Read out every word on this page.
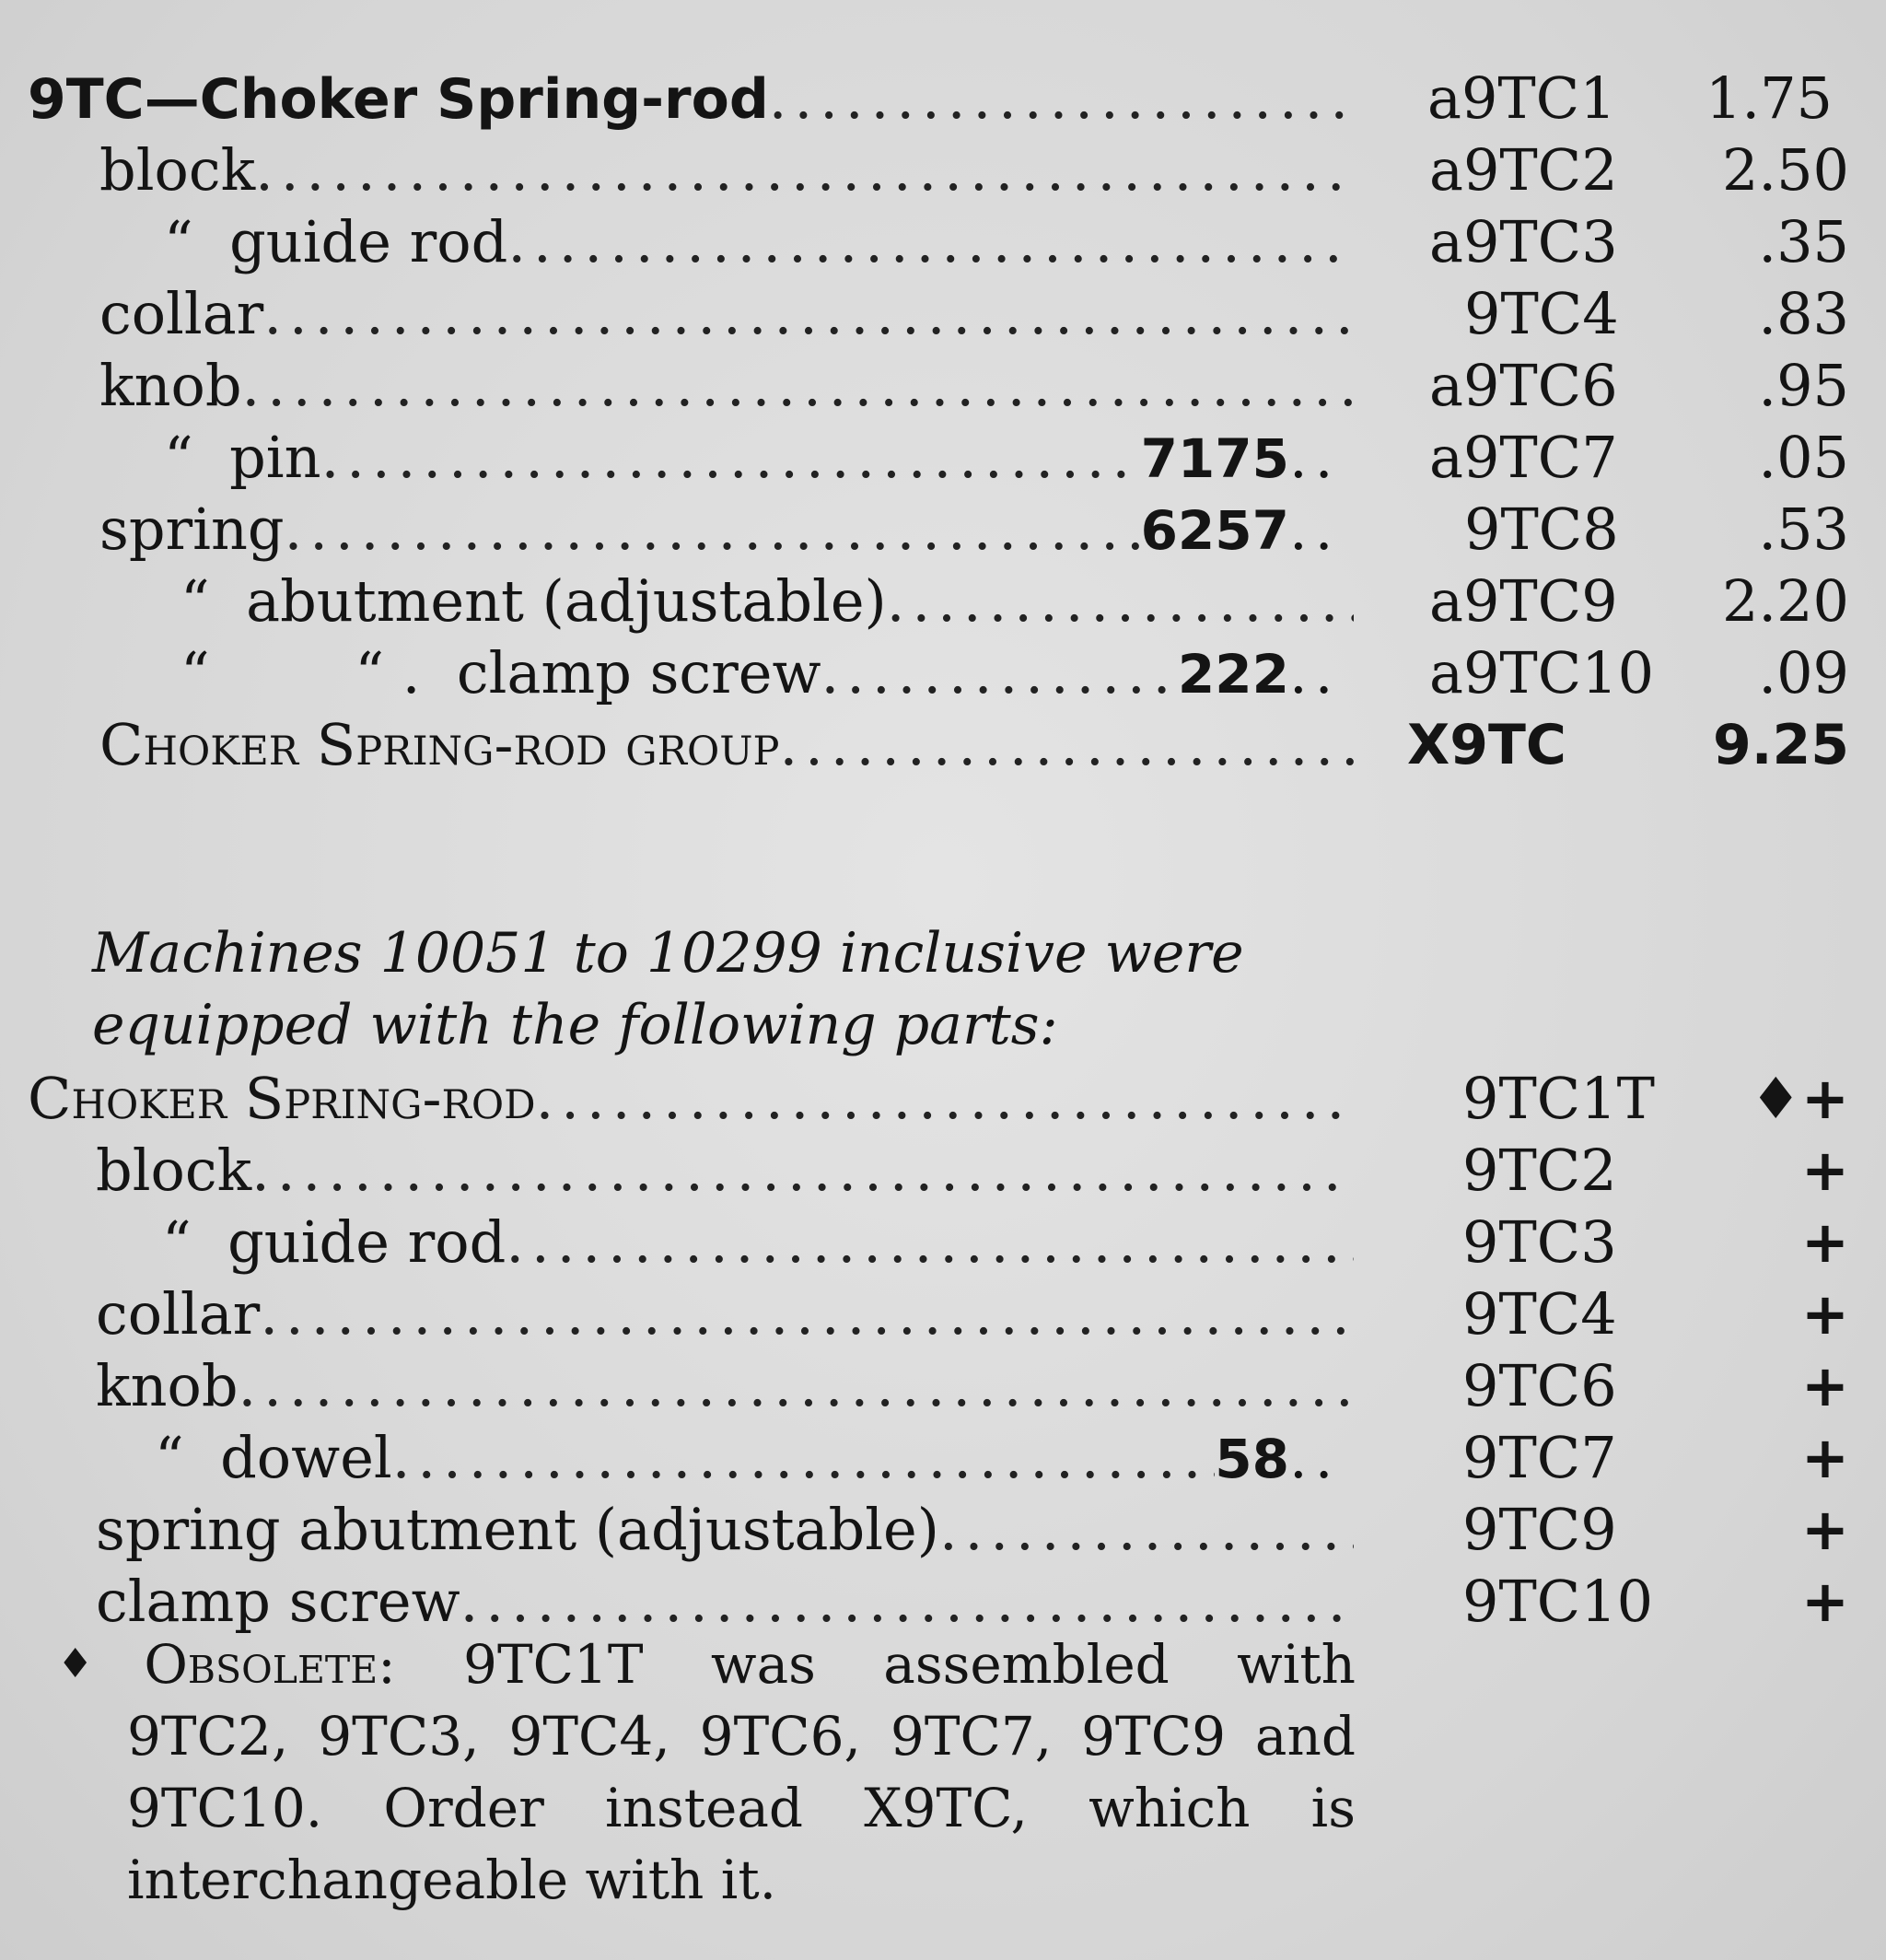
9TC—Choker Spring-rod .....	a9TC1 1.75
block .....	a9TC2 2.50
“  guide rod .....	a9TC3 .35
collar .....	9TC4 .83
knob .....	a9TC6 .95
“  pin .....	7175 .. a9TC7 .05
spring .....	6257 ..	9TC8 .53
“  abutment (adjustable) .....	a9TC9 2.20
“        “ .  clamp screw .....	222 .. a9TC10 .09
Choker Spring-rod group .....	X9TC	9.25
Machines 10051 to 10299 inclusive were equipped with the following parts:
Choker Spring-rod .....	9TC1T ♦+
block .....	9TC2	+
“  guide rod .....	9TC3	+
collar .....	9TC4	+
knob .....	9TC6	+
“  dowel .....	58 ..	9TC7	+
spring abutment (adjustable) .....	9TC9	+
clamp screw .....	9TC10	+
♦Obsolete: 9TC1T was assembled with
9TC2, 9TC3, 9TC4, 9TC6, 9TC7, 9TC9 and 9TC10. Order instead X9TC, which is interchangeable with it.
